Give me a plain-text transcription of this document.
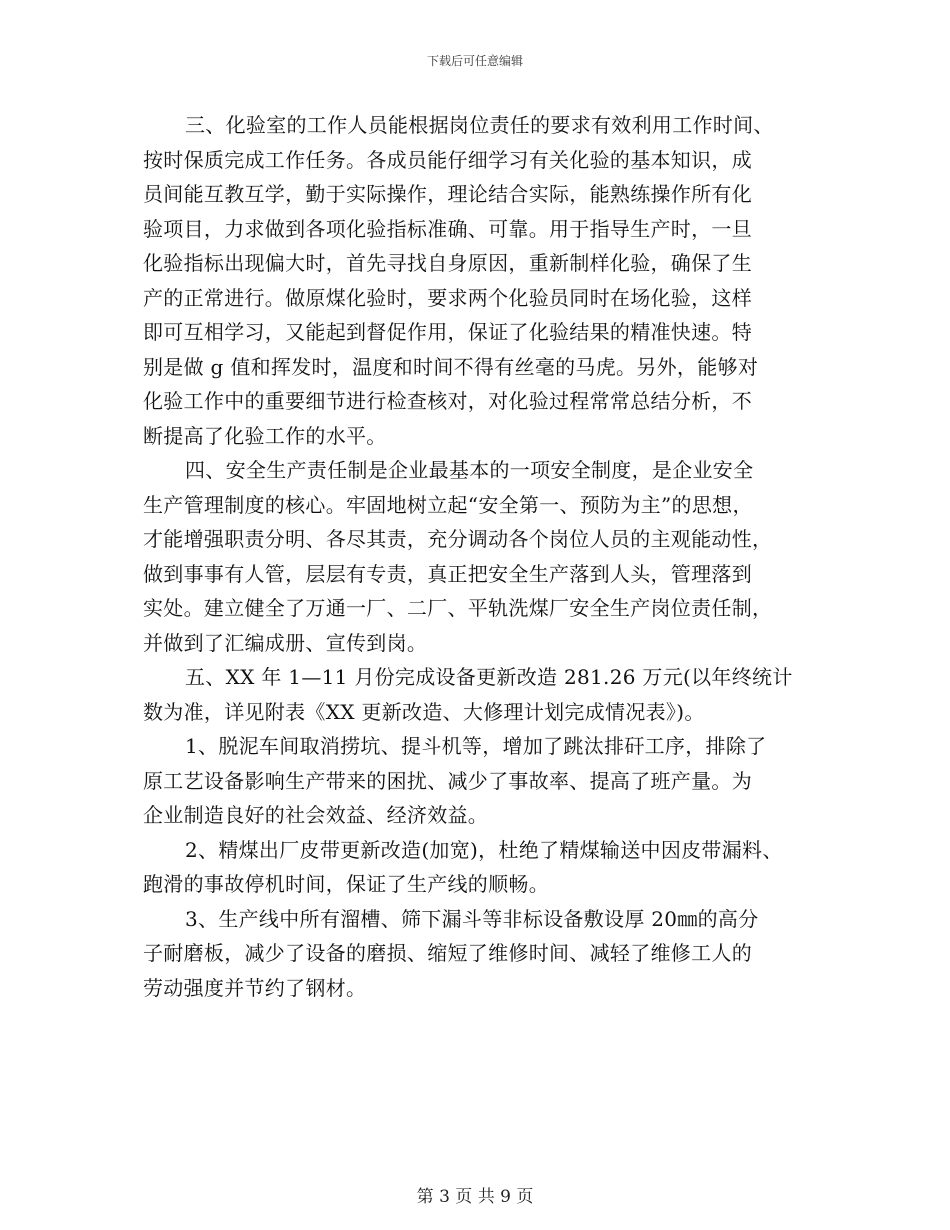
下载后可任意编辑

三、化验室的工作人员能根据岗位责任的要求有效利用工作时间、
按时保质完成工作任务。各成员能仔细学习有关化验的基本知识，成
员间能互教互学，勤于实际操作，理论结合实际，能熟练操作所有化
验项目，力求做到各项化验指标准确、可靠。用于指导生产时，一旦
化验指标出现偏大时，首先寻找自身原因，重新制样化验，确保了生
产的正常进行。做原煤化验时，要求两个化验员同时在场化验，这样
即可互相学习，又能起到督促作用，保证了化验结果的精准快速。特
别是做 g 值和挥发时，温度和时间不得有丝毫的马虎。另外，能够对
化验工作中的重要细节进行检查核对，对化验过程常常总结分析，不
断提高了化验工作的水平。

四、安全生产责任制是企业最基本的一项安全制度，是企业安全
生产管理制度的核心。牢固地树立起“安全第一、预防为主”的思想，
才能增强职责分明、各尽其责，充分调动各个岗位人员的主观能动性，
做到事事有人管，层层有专责，真正把安全生产落到人头，管理落到
实处。建立健全了万通一厂、二厂、平轨洗煤厂安全生产岗位责任制，
并做到了汇编成册、宣传到岗。

五、XX 年 1—11 月份完成设备更新改造 281.26 万元(以年终统计
数为准，详见附表《XX 更新改造、大修理计划完成情况表》)。

1、脱泥车间取消捞坑、提斗机等，增加了跳汰排矸工序，排除了
原工艺设备影响生产带来的困扰、减少了事故率、提高了班产量。为
企业制造良好的社会效益、经济效益。

2、精煤出厂皮带更新改造(加宽)，杜绝了精煤输送中因皮带漏料、
跑滑的事故停机时间，保证了生产线的顺畅。

3、生产线中所有溜槽、筛下漏斗等非标设备敷设厚 20㎜的高分
子耐磨板，减少了设备的磨损、缩短了维修时间、减轻了维修工人的
劳动强度并节约了钢材。

第 3 页 共 9 页
